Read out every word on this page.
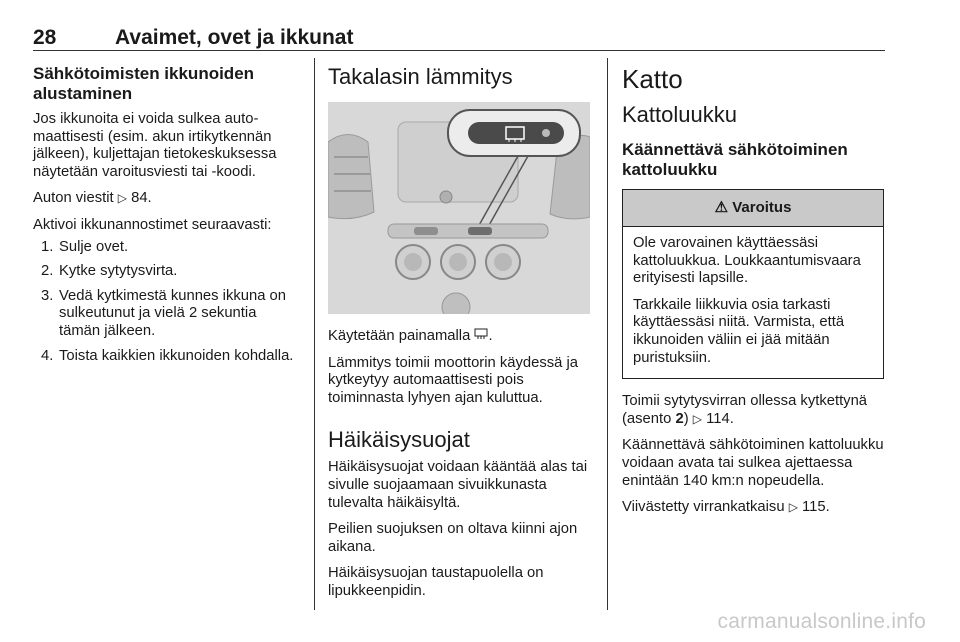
28	Avaimet, ovet ja ikkunat
Sähkötoimisten ikkunoiden alustaminen

Jos ikkunoita ei voida sulkea automaattisesti (esim. akun irtikytkennän jälkeen), kuljettajan tietokeskuksessa näytetään varoitusviesti tai -koodi.

Auton viestit ▷ 84.

Aktivoi ikkunannostimet seuraavasti:

1. Sulje ovet.
2. Kytke sytytysvirta.
3. Vedä kytkimestä kunnes ikkuna on sulkeutunut ja vielä 2 sekuntia tämän jälkeen.
4. Toista kaikkien ikkunoiden kohdalla.
Takalasin lämmitys

Käytetään painamalla .

Lämmitys toimii moottorin käydessä ja kytkeytyy automaattisesti pois toiminnasta lyhyen ajan kuluttua.

Häikäisysuojat

Häikäisysuojat voidaan kääntää alas tai sivulle suojaamaan sivuikkunasta tulevalta häikäisyltä.

Peilien suojuksen on oltava kiinni ajon aikana.

Häikäisysuojan taustapuolella on lipukkeenpidin.

Katto
Kattoluukku
Käännettävä sähkötoiminen kattoluukku
⚠ Varoitus

Ole varovainen käyttäessäsi kattoluukkua. Loukkaantumisvaara erityisesti lapsille.

Tarkkaile liikkuvia osia tarkasti käyttäessäsi niitä. Varmista, että ikkunoiden väliin ei jää mitään puristuksiin.

Toimii sytytysvirran ollessa kytkettynä (asento 2) ▷ 114.

Käännettävä sähkötoiminen kattoluukku voidaan avata tai sulkea ajettaessa enintään 140 km:n nopeudella.

Viivästetty virrankatkaisu ▷ 115.

carmanualsonline.info
